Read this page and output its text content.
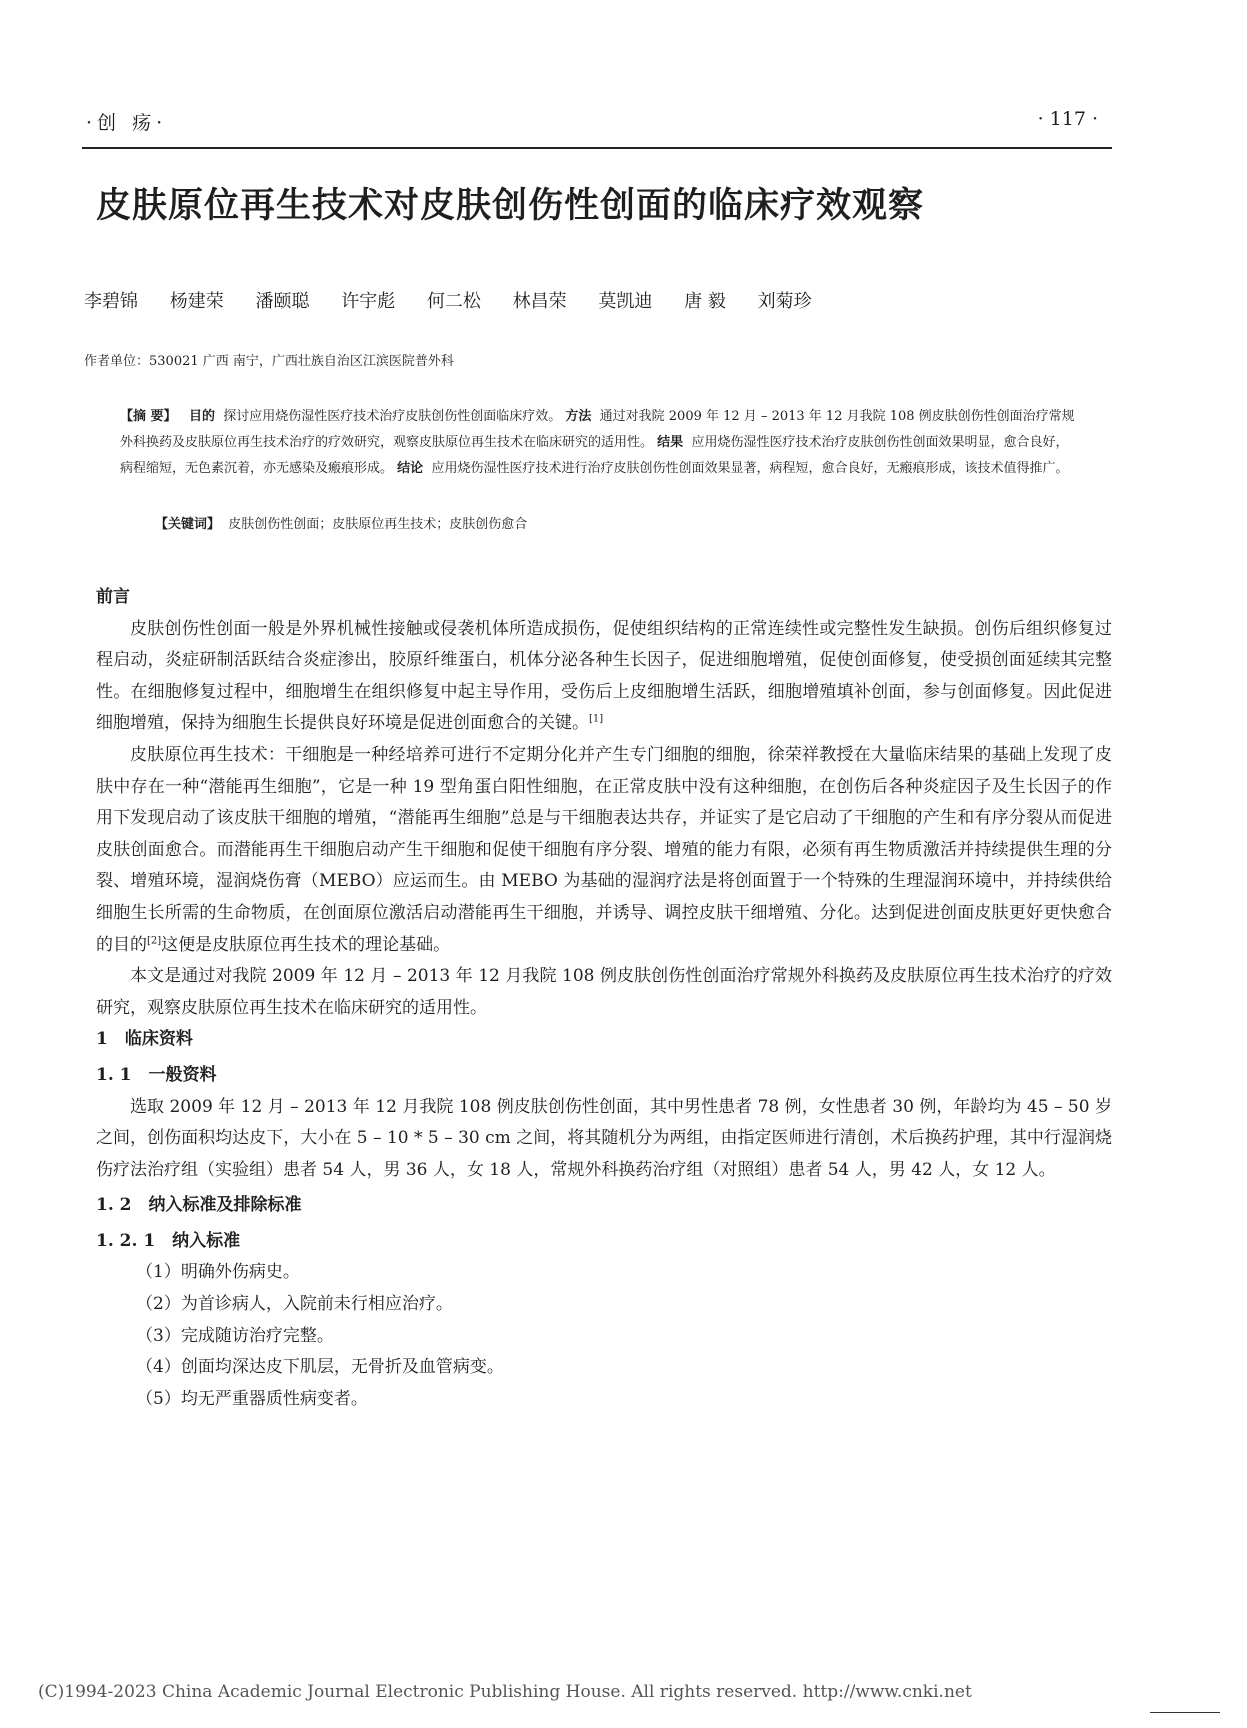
·创 疡·	· 117 ·
皮肤原位再生技术对皮肤创伤性创面的临床疗效观察
李碧锦 杨建荣 潘颐聪 许宇彪 何二松 林昌荣 莫凯迪 唐 毅 刘菊珍
作者单位：530021 广西 南宁，广西壮族自治区江滨医院普外科
【摘 要】 目的 探讨应用烧伤湿性医疗技术治疗皮肤创伤性创面临床疗效。 方法 通过对我院 2009 年 12 月 – 2013 年 12 月我院 108 例皮肤创伤性创面治疗常规外科换药及皮肤原位再生技术治疗的疗效研究，观察皮肤原位再生技术在临床研究的适用性。 结果 应用烧伤湿性医疗技术治疗皮肤创伤性创面效果明显，愈合良好，病程缩短，无色素沉着，亦无感染及瘢痕形成。 结论 应用烧伤湿性医疗技术进行治疗皮肤创伤性创面效果显著，病程短，愈合良好，无瘢痕形成，该技术值得推广。
【关键词】 皮肤创伤性创面；皮肤原位再生技术；皮肤创伤愈合
前言

皮肤创伤性创面一般是外界机械性接触或侵袭机体所造成损伤，促使组织结构的正常连续性或完整性发生缺损。创伤后组织修复过程启动，炎症研制活跃结合炎症渗出，胶原纤维蛋白，机体分泌各种生长因子，促进细胞增殖，促使创面修复，使受损创面延续其完整性。在细胞修复过程中，细胞增生在组织修复中起主导作用，受伤后上皮细胞增生活跃，细胞增殖填补创面，参与创面修复。因此促进细胞增殖，保持为细胞生长提供良好环境是促进创面愈合的关键。[1]

皮肤原位再生技术：干细胞是一种经培养可进行不定期分化并产生专门细胞的细胞，徐荣祥教授在大量临床结果的基础上发现了皮肤中存在一种“潜能再生细胞”，它是一种 19 型角蛋白阳性细胞，在正常皮肤中没有这种细胞，在创伤后各种炎症因子及生长因子的作用下发现启动了该皮肤干细胞的增殖，“潜能再生细胞”总是与干细胞表达共存，并证实了是它启动了干细胞的产生和有序分裂从而促进皮肤创面愈合。而潜能再生干细胞启动产生干细胞和促使干细胞有序分裂、增殖的能力有限，必须有再生物质激活并持续提供生理的分裂、增殖环境，湿润烧伤膏（MEBO）应运而生。由 MEBO 为基础的湿润疗法是将创面置于一个特殊的生理湿润环境中，并持续供给细胞生长所需的生命物质，在创面原位激活启动潜能再生干细胞，并诱导、调控皮肤干细增殖、分化。达到促进创面皮肤更好更快愈合的目的[2]这便是皮肤原位再生技术的理论基础。

本文是通过对我院 2009 年 12 月 – 2013 年 12 月我院 108 例皮肤创伤性创面治疗常规外科换药及皮肤原位再生技术治疗的疗效研究，观察皮肤原位再生技术在临床研究的适用性。

1　临床资料
1. 1　一般资料

选取 2009 年 12 月 – 2013 年 12 月我院 108 例皮肤创伤性创面，其中男性患者 78 例，女性患者 30 例，年龄均为 45 – 50 岁之间，创伤面积均达皮下，大小在 5 – 10 * 5 – 30 cm 之间，将其随机分为两组，由指定医师进行清创，术后换药护理，其中行湿润烧伤疗法治疗组（实验组）患者 54 人，男 36 人，女 18 人，常规外科换药治疗组（对照组）患者 54 人，男 42 人，女 12 人。

1. 2　纳入标准及排除标准
1. 2. 1　纳入标准
（1）明确外伤病史。
（2）为首诊病人，入院前未行相应治疗。
（3）完成随访治疗完整。
（4）创面均深达皮下肌层，无骨折及血管病变。
（5）均无严重器质性病变者。
(C)1994-2023 China Academic Journal Electronic Publishing House. All rights reserved. http://www.cnki.net
